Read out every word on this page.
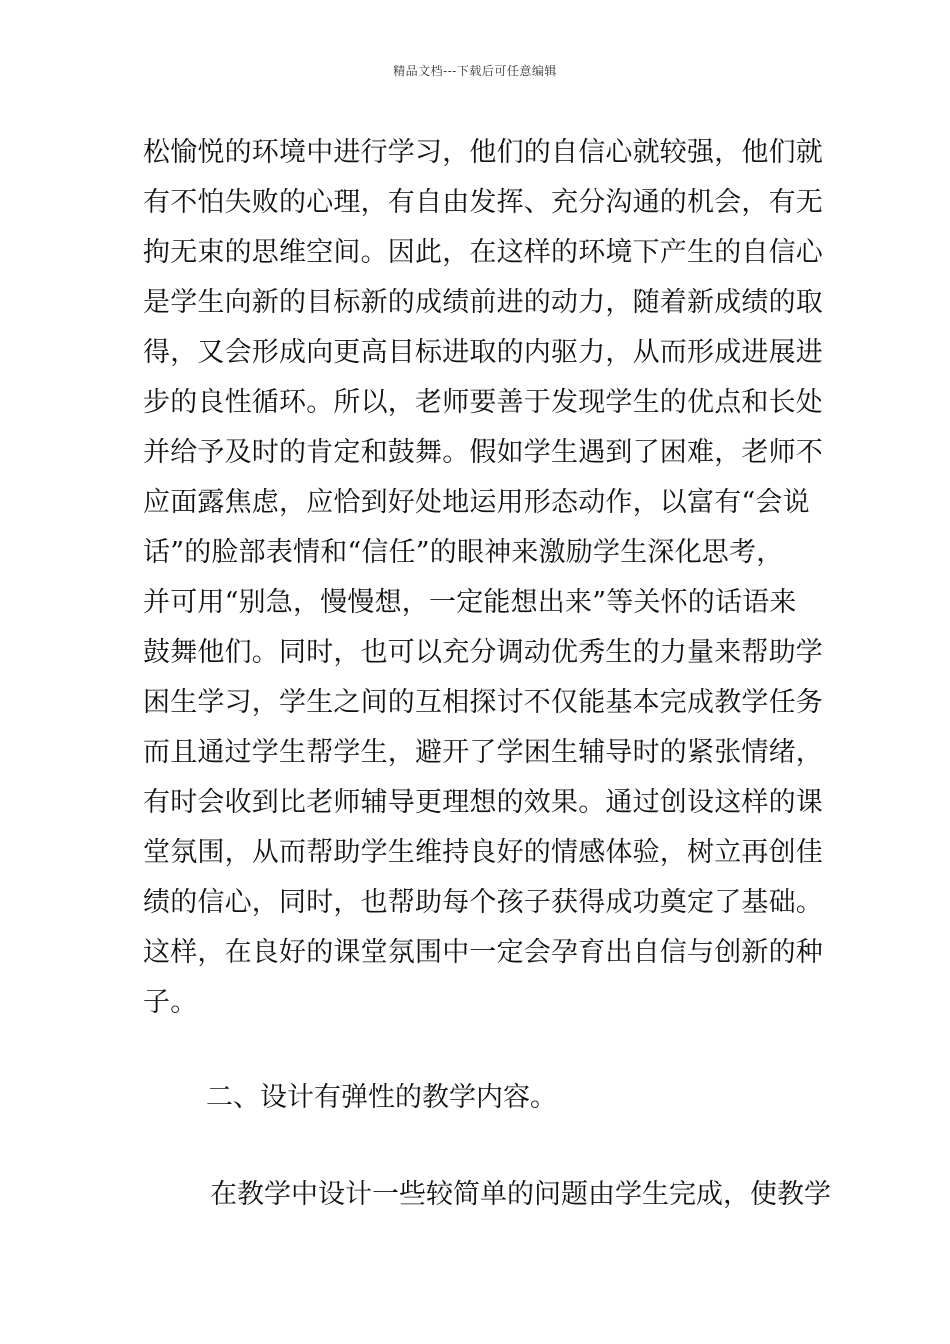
精品文档---下载后可任意编辑
松愉悦的环境中进行学习，他们的自信心就较强，他们就
有不怕失败的心理，有自由发挥、充分沟通的机会，有无
拘无束的思维空间。因此，在这样的环境下产生的自信心
是学生向新的目标新的成绩前进的动力，随着新成绩的取
得，又会形成向更高目标进取的内驱力，从而形成进展进
步的良性循环。所以，老师要善于发现学生的优点和长处
并给予及时的肯定和鼓舞。假如学生遇到了困难，老师不
应面露焦虑，应恰到好处地运用形态动作，以富有“会说
话”的脸部表情和“信任”的眼神来激励学生深化思考，
并可用“别急，慢慢想，一定能想出来”等关怀的话语来
鼓舞他们。同时，也可以充分调动优秀生的力量来帮助学
困生学习，学生之间的互相探讨不仅能基本完成教学任务
而且通过学生帮学生，避开了学困生辅导时的紧张情绪，
有时会收到比老师辅导更理想的效果。通过创设这样的课
堂氛围，从而帮助学生维持良好的情感体验，树立再创佳
绩的信心，同时，也帮助每个孩子获得成功奠定了基础。
这样，在良好的课堂氛围中一定会孕育出自信与创新的种
子。
二、设计有弹性的教学内容。
在教学中设计一些较简单的问题由学生完成，使教学
